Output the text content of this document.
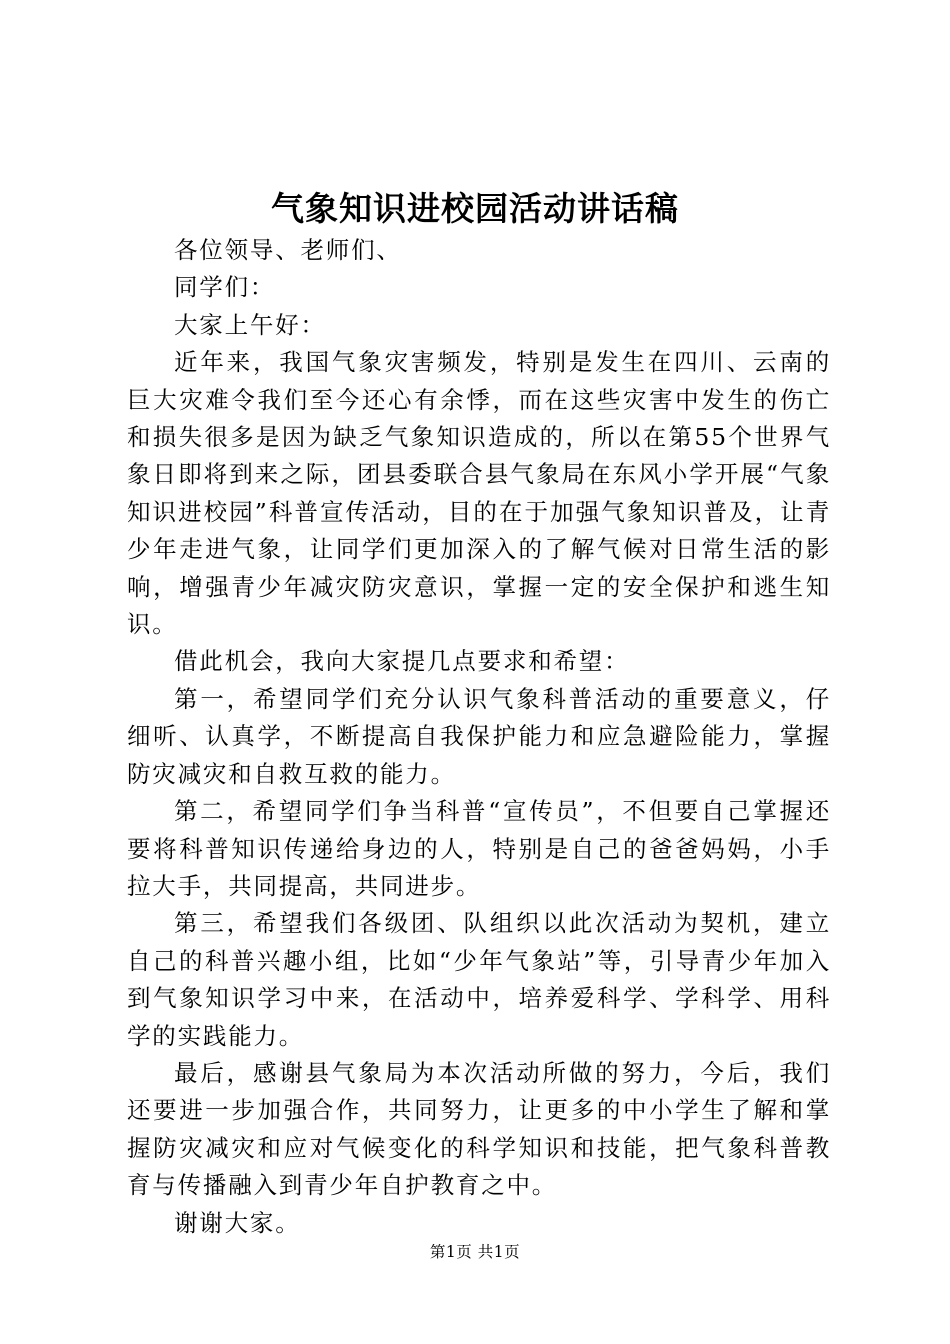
气象知识进校园活动讲话稿

各位领导、老师们、

同学们：

大家上午好：

近年来，我国气象灾害频发，特别是发生在四川、云南的巨大灾难令我们至今还心有余悸，而在这些灾害中发生的伤亡和损失很多是因为缺乏气象知识造成的，所以在第55个世界气象日即将到来之际，团县委联合县气象局在东风小学开展“气象知识进校园”科普宣传活动，目的在于加强气象知识普及，让青少年走进气象，让同学们更加深入的了解气候对日常生活的影响，增强青少年减灾防灾意识，掌握一定的安全保护和逃生知识。

借此机会，我向大家提几点要求和希望：

第一，希望同学们充分认识气象科普活动的重要意义，仔细听、认真学，不断提高自我保护能力和应急避险能力，掌握防灾减灾和自救互救的能力。

第二，希望同学们争当科普“宣传员”，不但要自己掌握还要将科普知识传递给身边的人，特别是自己的爸爸妈妈，小手拉大手，共同提高，共同进步。

第三，希望我们各级团、队组织以此次活动为契机，建立自己的科普兴趣小组，比如“少年气象站”等，引导青少年加入到气象知识学习中来，在活动中，培养爱科学、学科学、用科学的实践能力。

最后，感谢县气象局为本次活动所做的努力，今后，我们还要进一步加强合作，共同努力，让更多的中小学生了解和掌握防灾减灾和应对气候变化的科学知识和技能，把气象科普教育与传播融入到青少年自护教育之中。

谢谢大家。

第1页 共1页
